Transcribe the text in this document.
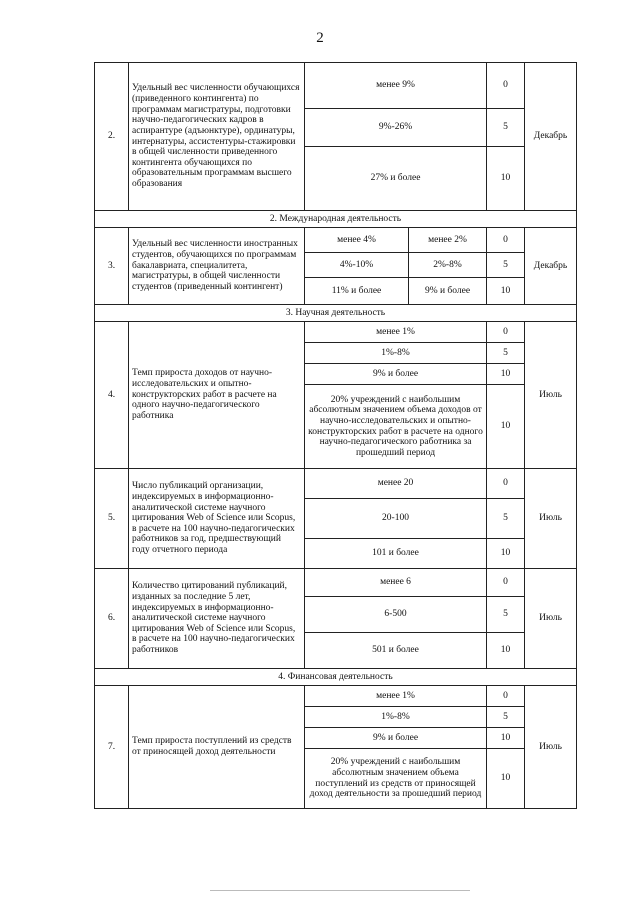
2
2.	Удельный вес численности обучающихся (приведенного контингента) по программам магистратуры, подготовки научно-педагогических кадров в аспирантуре (адъюнктуре), ординатуры, интернатуры, ассистентуры-стажировки в общей численности приведенного контингента обучающихся по образовательным программам высшего образования	менее 9%		0	Декабрь
		9%-26%		5	
		27% и более		10	
2. Международная деятельность					
3.	Удельный вес численности иностранных студентов, обучающихся по программам бакалавриата, специалитета, магистратуры, в общей численности студентов (приведенный контингент)	менее 4%	менее 2%	0	Декабрь
		4%-10%	2%-8%	5	
		11% и более	9% и более	10	
3. Научная деятельность					
4.	Темп прироста доходов от научно-исследовательских и опытно-конструкторских работ в расчете на одного научно-педагогического работника	менее 1%		0	Июль
		1%-8%		5	
		9% и более		10	
		20% учреждений с наибольшим абсолютным значением объема доходов от научно-исследовательских и опытно-конструкторских работ в расчете на одного научно-педагогического работника за прошедший период		10	
5.	Число публикаций организации, индексируемых в информационно-аналитической системе научного цитирования Web of Science или Scopus, в расчете на 100 научно-педагогических работников за год, предшествующий году отчетного периода	менее 20		0	Июль
		20-100		5	
		101 и более		10	
6.	Количество цитирований публикаций, изданных за последние 5 лет, индексируемых в информационно-аналитической системе научного цитирования Web of Science или Scopus, в расчете на 100 научно-педагогических работников	менее 6		0	Июль
		6-500		5	
		501 и более		10	
4. Финансовая деятельность					
7.	Темп прироста поступлений из средств от приносящей доход деятельности	менее 1%		0	Июль
		1%-8%		5	
		9% и более		10	
		20% учреждений с наибольшим абсолютным значением объема поступлений из средств от приносящей доход деятельности за прошедший период		10	
